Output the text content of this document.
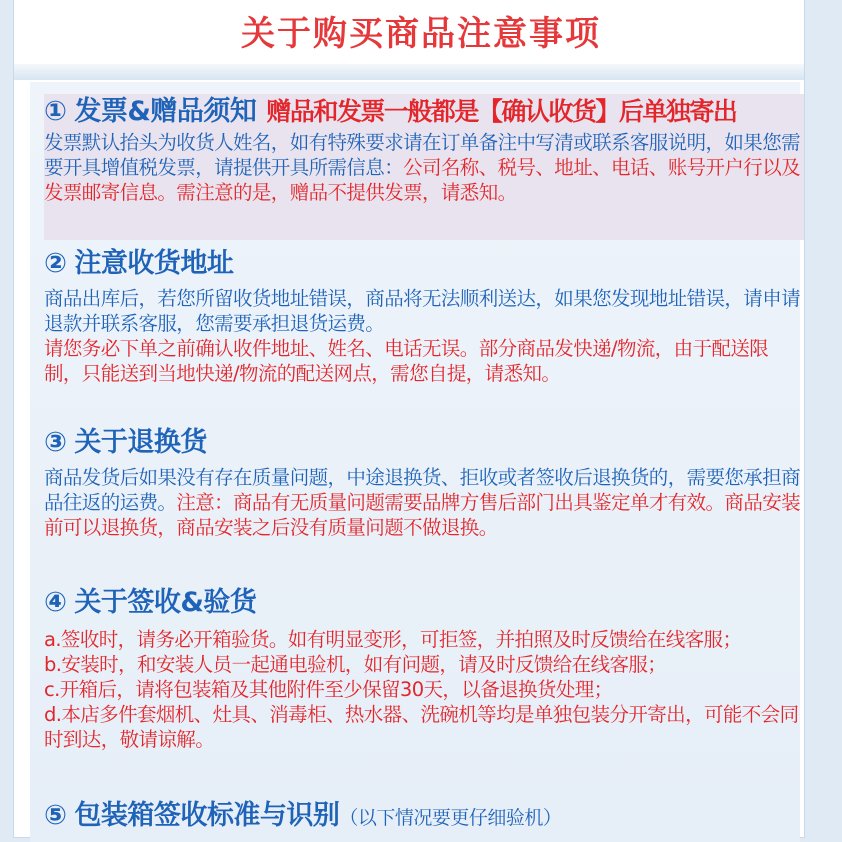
关于购买商品注意事项
① 发票&赠品须知 赠品和发票一般都是【确认收货】后单独寄出

发票默认抬头为收货人姓名，如有特殊要求请在订单备注中写清或联系客服说明，如果您需要开具增值税发票，请提供开具所需信息：公司名称、税号、地址、电话、账号开户行以及发票邮寄信息。需注意的是，赠品不提供发票，请悉知。

② 注意收货地址

商品出库后，若您所留收货地址错误，商品将无法顺利送达，如果您发现地址错误，请申请退款并联系客服，您需要承担退货运费。

请您务必下单之前确认收件地址、姓名、电话无误。部分商品发快递/物流，由于配送限制，只能送到当地快递/物流的配送网点，需您自提，请悉知。

③ 关于退换货

商品发货后如果没有存在质量问题，中途退换货、拒收或者签收后退换货的，需要您承担商品往返的运费。注意：商品有无质量问题需要品牌方售后部门出具鉴定单才有效。商品安装前可以退换货，商品安装之后没有质量问题不做退换。

④ 关于签收&验货

a.签收时，请务必开箱验货。如有明显变形，可拒签，并拍照及时反馈给在线客服；

b.安装时，和安装人员一起通电验机，如有问题，请及时反馈给在线客服；

c.开箱后，请将包装箱及其他附件至少保留30天，以备退换货处理；

d.本店多件套烟机、灶具、消毒柜、热水器、洗碗机等均是单独包装分开寄出，可能不会同时到达，敬请谅解。

⑤ 包装箱签收标准与识别（以下情况要更仔细验机）
